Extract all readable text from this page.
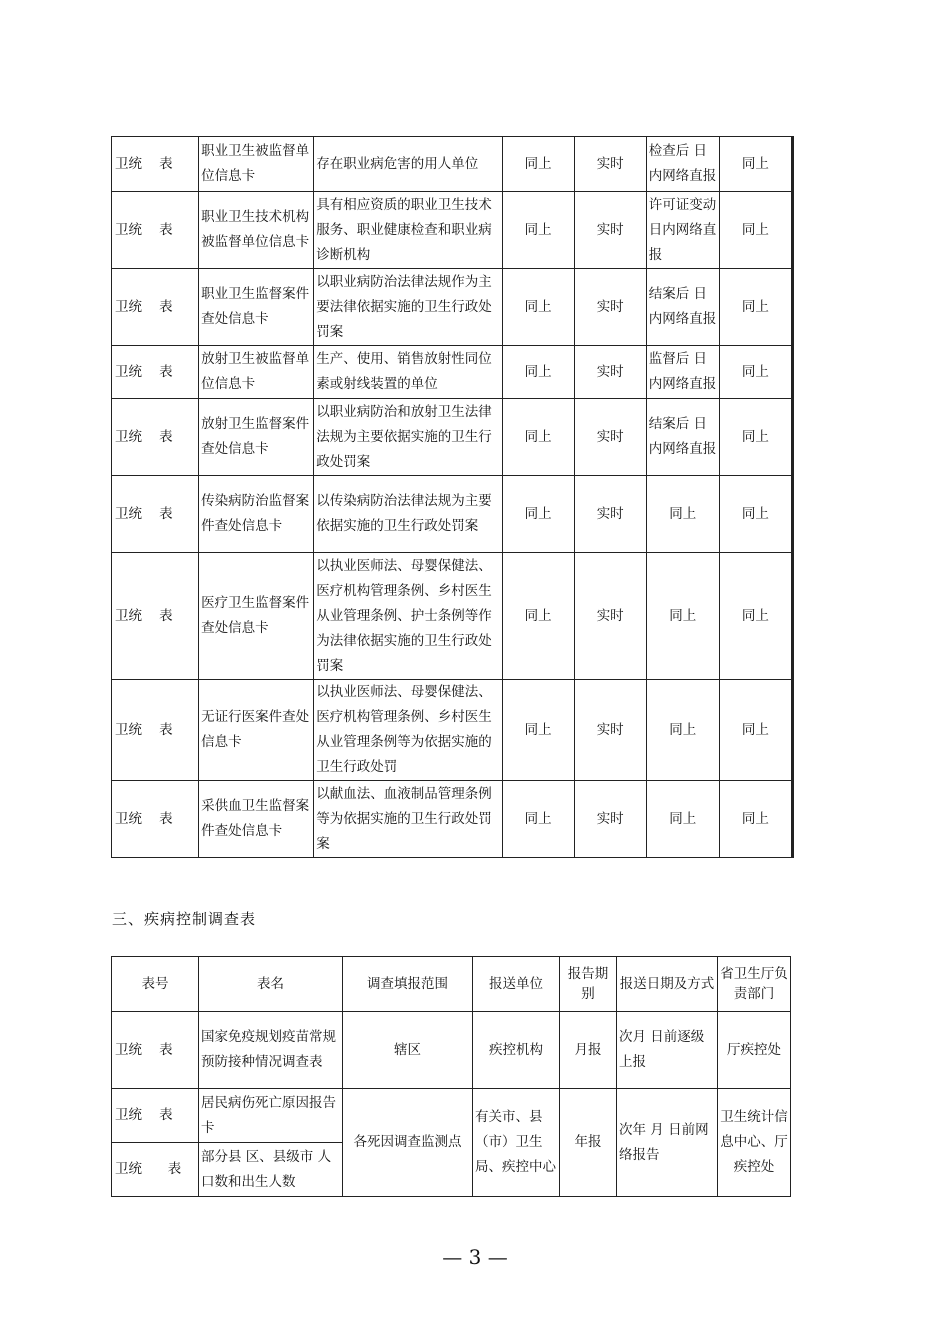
卫统    表	职业卫生被监督单位信息卡	存在职业病危害的用人单位	同上	实时	检查后 日内网络直报	同上
卫统    表	职业卫生技术机构被监督单位信息卡	具有相应资质的职业卫生技术服务、职业健康检查和职业病诊断机构	同上	实时	许可证变动 日内网络直报	同上
卫统    表	职业卫生监督案件查处信息卡	以职业病防治法律法规作为主要法律依据实施的卫生行政处罚案	同上	实时	结案后 日内网络直报	同上
卫统    表	放射卫生被监督单位信息卡	生产、使用、销售放射性同位素或射线装置的单位	同上	实时	监督后 日内网络直报	同上
卫统    表	放射卫生监督案件查处信息卡	以职业病防治和放射卫生法律法规为主要依据实施的卫生行政处罚案	同上	实时	结案后 日内网络直报	同上
卫统    表	传染病防治监督案件查处信息卡	以传染病防治法律法规为主要依据实施的卫生行政处罚案	同上	实时	同上	同上
卫统    表	医疗卫生监督案件查处信息卡	以执业医师法、母婴保健法、医疗机构管理条例、乡村医生从业管理条例、护士条例等作为法律依据实施的卫生行政处罚案	同上	实时	同上	同上
卫统    表	无证行医案件查处信息卡	以执业医师法、母婴保健法、医疗机构管理条例、乡村医生从业管理条例等为依据实施的卫生行政处罚	同上	实时	同上	同上
卫统    表	采供血卫生监督案件查处信息卡	以献血法、血液制品管理条例等为依据实施的卫生行政处罚案	同上	实时	同上	同上
三、疾病控制调查表
表号	表名	调查填报范围	报送单位	报告期别	报送日期及方式	省卫生厅负责部门
卫统    表	国家免疫规划疫苗常规预防接种情况调查表	辖区	疾控机构	月报	次月 日前逐级上报	厅疾控处
卫统    表	居民病伤死亡原因报告卡	各死因调查监测点	有关市、县（市）卫生局、疾控中心	年报	次年 月 日前网络报告	卫生统计信息中心、厅疾控处
卫统      表	部分县 区、县级市 人口数和出生人数					
— 3 —
